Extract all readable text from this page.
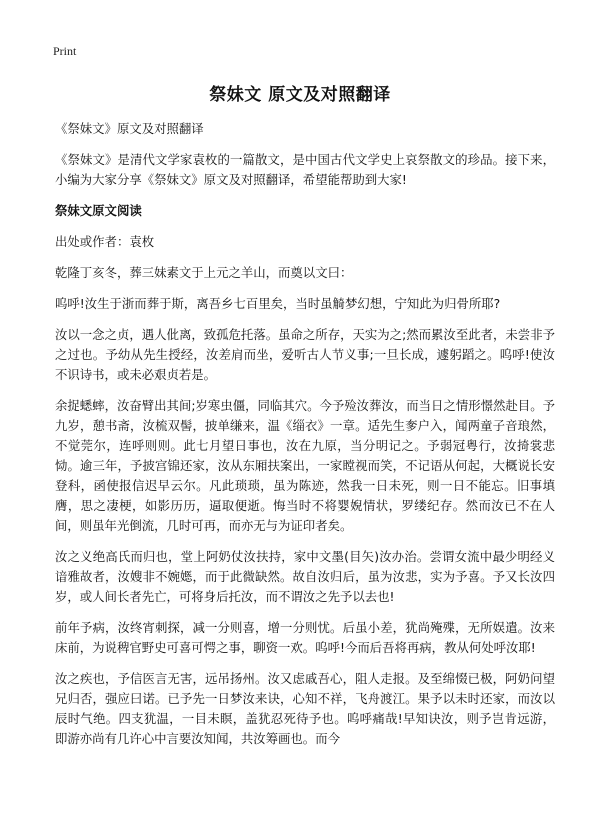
Print
祭妹文 原文及对照翻译

《祭妹文》原文及对照翻译

《祭妹文》是清代文学家袁枚的一篇散文，是中国古代文学史上哀祭散文的珍品。接下来，小编为大家分享《祭妹文》原文及对照翻译，希望能帮助到大家!

祭妹文原文阅读

出处或作者：袁枚

乾隆丁亥冬，葬三妹素文于上元之羊山，而奠以文曰：

呜呼!汝生于浙而葬于斯，离吾乡七百里矣，当时虽觭梦幻想，宁知此为归骨所耶?

汝以一念之贞，遇人仳离，致孤危托落。虽命之所存，天实为之;然而累汝至此者，未尝非予之过也。予幼从先生授经，汝差肩而坐，爱听古人节义事;一旦长成，遽躬蹈之。呜呼!使汝不识诗书，或未必艰贞若是。

余捉蟋蟀，汝奋臂出其间;岁寒虫僵，同临其穴。今予殓汝葬汝，而当日之情形憬然赴目。予九岁，憩书斋，汝梳双髻，披单缣来，温《缁衣》一章。适先生奓户入，闻两童子音琅然，不觉莞尔，连呼则则。此七月望日事也，汝在九原，当分明记之。予弱冠粤行，汝掎裳悲恸。逾三年，予披宫锦还家，汝从东厢扶案出，一家瞠视而笑，不记语从何起，大概说长安登科，函使报信迟早云尔。凡此琐琐，虽为陈迹，然我一日未死，则一日不能忘。旧事填膺，思之凄梗，如影历历，逼取便逝。悔当时不将婴婗情状，罗缕纪存。然而汝已不在人间，则虽年光倒流，几时可再，而亦无与为证印者矣。

汝之义绝高氏而归也，堂上阿奶仗汝扶持，家中文墨(目矢)汝办治。尝谓女流中最少明经义谙雅故者，汝嫂非不婉嫕，而于此微缺然。故自汝归后，虽为汝悲，实为予喜。予又长汝四岁，或人间长者先亡，可将身后托汝，而不谓汝之先予以去也!

前年予病，汝终宵刺探，减一分则喜，增一分则忧。后虽小差，犹尚殗殜，无所娱遣。汝来床前，为说稗官野史可喜可愕之事，聊资一欢。呜呼!今而后吾将再病，教从何处呼汝耶!

汝之疾也，予信医言无害，远吊扬州。汝又虑戚吾心，阻人走报。及至绵惙已极，阿奶问望兄归否，强应曰诺。已予先一日梦汝来诀，心知不祥，飞舟渡江。果予以未时还家，而汝以辰时气绝。四支犹温，一目未瞑，盖犹忍死待予也。呜呼痛哉!早知诀汝，则予岂肯远游，即游亦尚有几许心中言要汝知闻，共汝筹画也。而今
